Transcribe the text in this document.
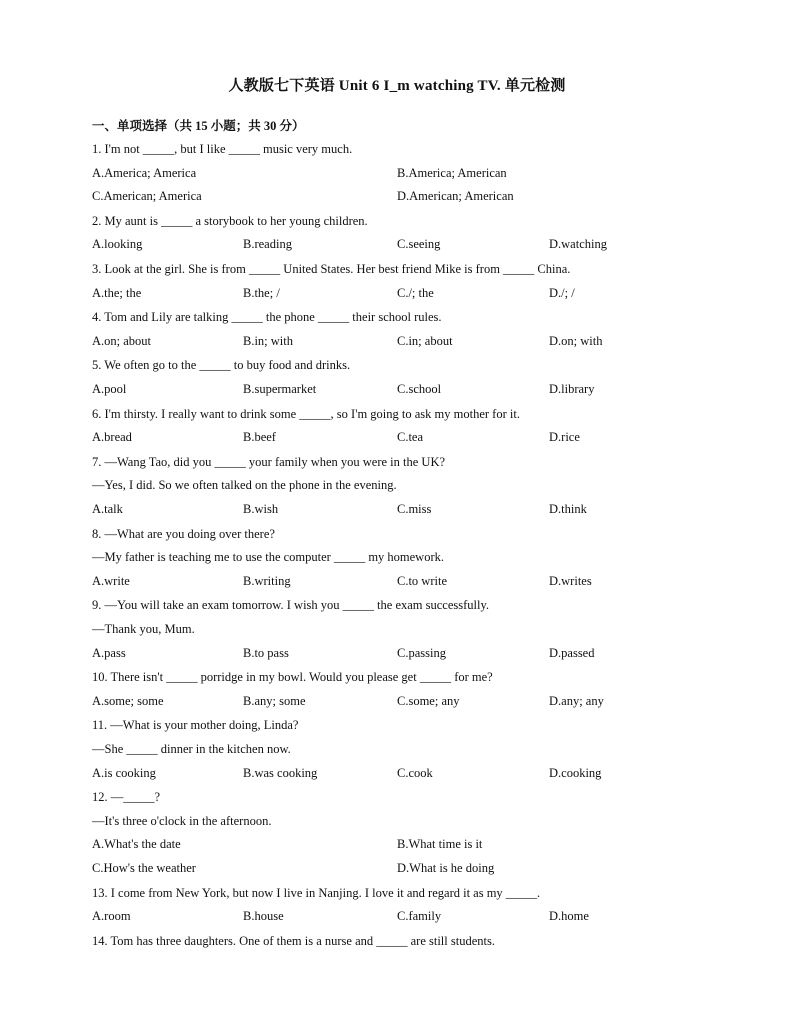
人教版七下英语 Unit 6 I_m watching TV. 单元检测
一、单项选择（共 15 小题；共 30 分）
1. I'm not _____, but I like _____ music very much.
A.America; America	B.America; American
C.American; America	D.American; American
2. My aunt is _____ a storybook to her young children.
A.looking	B.reading	C.seeing	D.watching
3. Look at the girl. She is from _____ United States. Her best friend Mike is from _____ China.
A.the; the	B.the; /	C./; the	D./; /
4. Tom and Lily are talking _____ the phone _____ their school rules.
A.on; about	B.in; with	C.in; about	D.on; with
5. We often go to the _____ to buy food and drinks.
A.pool	B.supermarket	C.school	D.library
6. I'm thirsty. I really want to drink some _____, so I'm going to ask my mother for it.
A.bread	B.beef	C.tea	D.rice
7. —Wang Tao, did you _____ your family when you were in the UK?
—Yes, I did. So we often talked on the phone in the evening.
A.talk	B.wish	C.miss	D.think
8. —What are you doing over there?
—My father is teaching me to use the computer _____ my homework.
A.write	B.writing	C.to write	D.writes
9. —You will take an exam tomorrow. I wish you _____ the exam successfully.
—Thank you, Mum.
A.pass	B.to pass	C.passing	D.passed
10. There isn't _____ porridge in my bowl. Would you please get _____ for me?
A.some; some	B.any; some	C.some; any	D.any; any
11. —What is your mother doing, Linda?
—She _____ dinner in the kitchen now.
A.is cooking	B.was cooking	C.cook	D.cooking
12. —_____?
—It's three o'clock in the afternoon.
A.What's the date	B.What time is it
C.How's the weather	D.What is he doing
13. I come from New York, but now I live in Nanjing. I love it and regard it as my _____.
A.room	B.house	C.family	D.home
14. Tom has three daughters. One of them is a nurse and _____ are still students.
